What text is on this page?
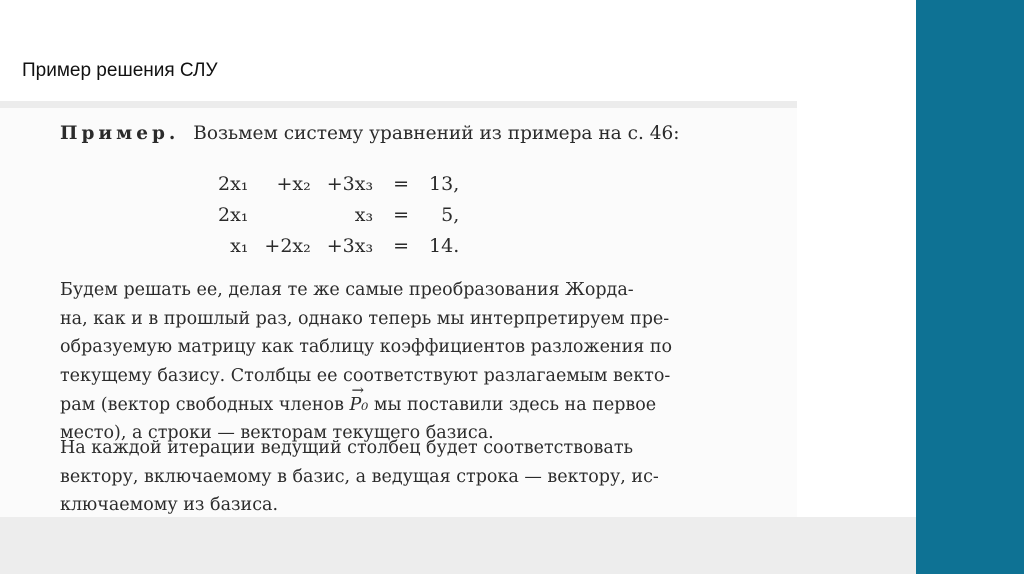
Пример решения СЛУ
Пример. Возьмем систему уравнений из примера на с. 46:
2x₁	+x₂	+3x₃	=	13,
2x₁		x₃	=	5,
x₁	+2x₂	+3x₃	=	14.
Будем решать ее, делая те же самые преобразования Жорда-
на, как и в прошлый раз, однако теперь мы интерпретируем пре-
образуемую матрицу как таблицу коэффициентов разложения по
текущему базису. Столбцы ее соответствуют разлагаемым векто-
рам (вектор свободных членов → P₀ мы поставили здесь на первое
место), а строки — векторам текущего базиса.
На каждой итерации ведущий столбец будет соответствовать
вектору, включаемому в базис, а ведущая строка — вектору, ис-
ключаемому из базиса.
